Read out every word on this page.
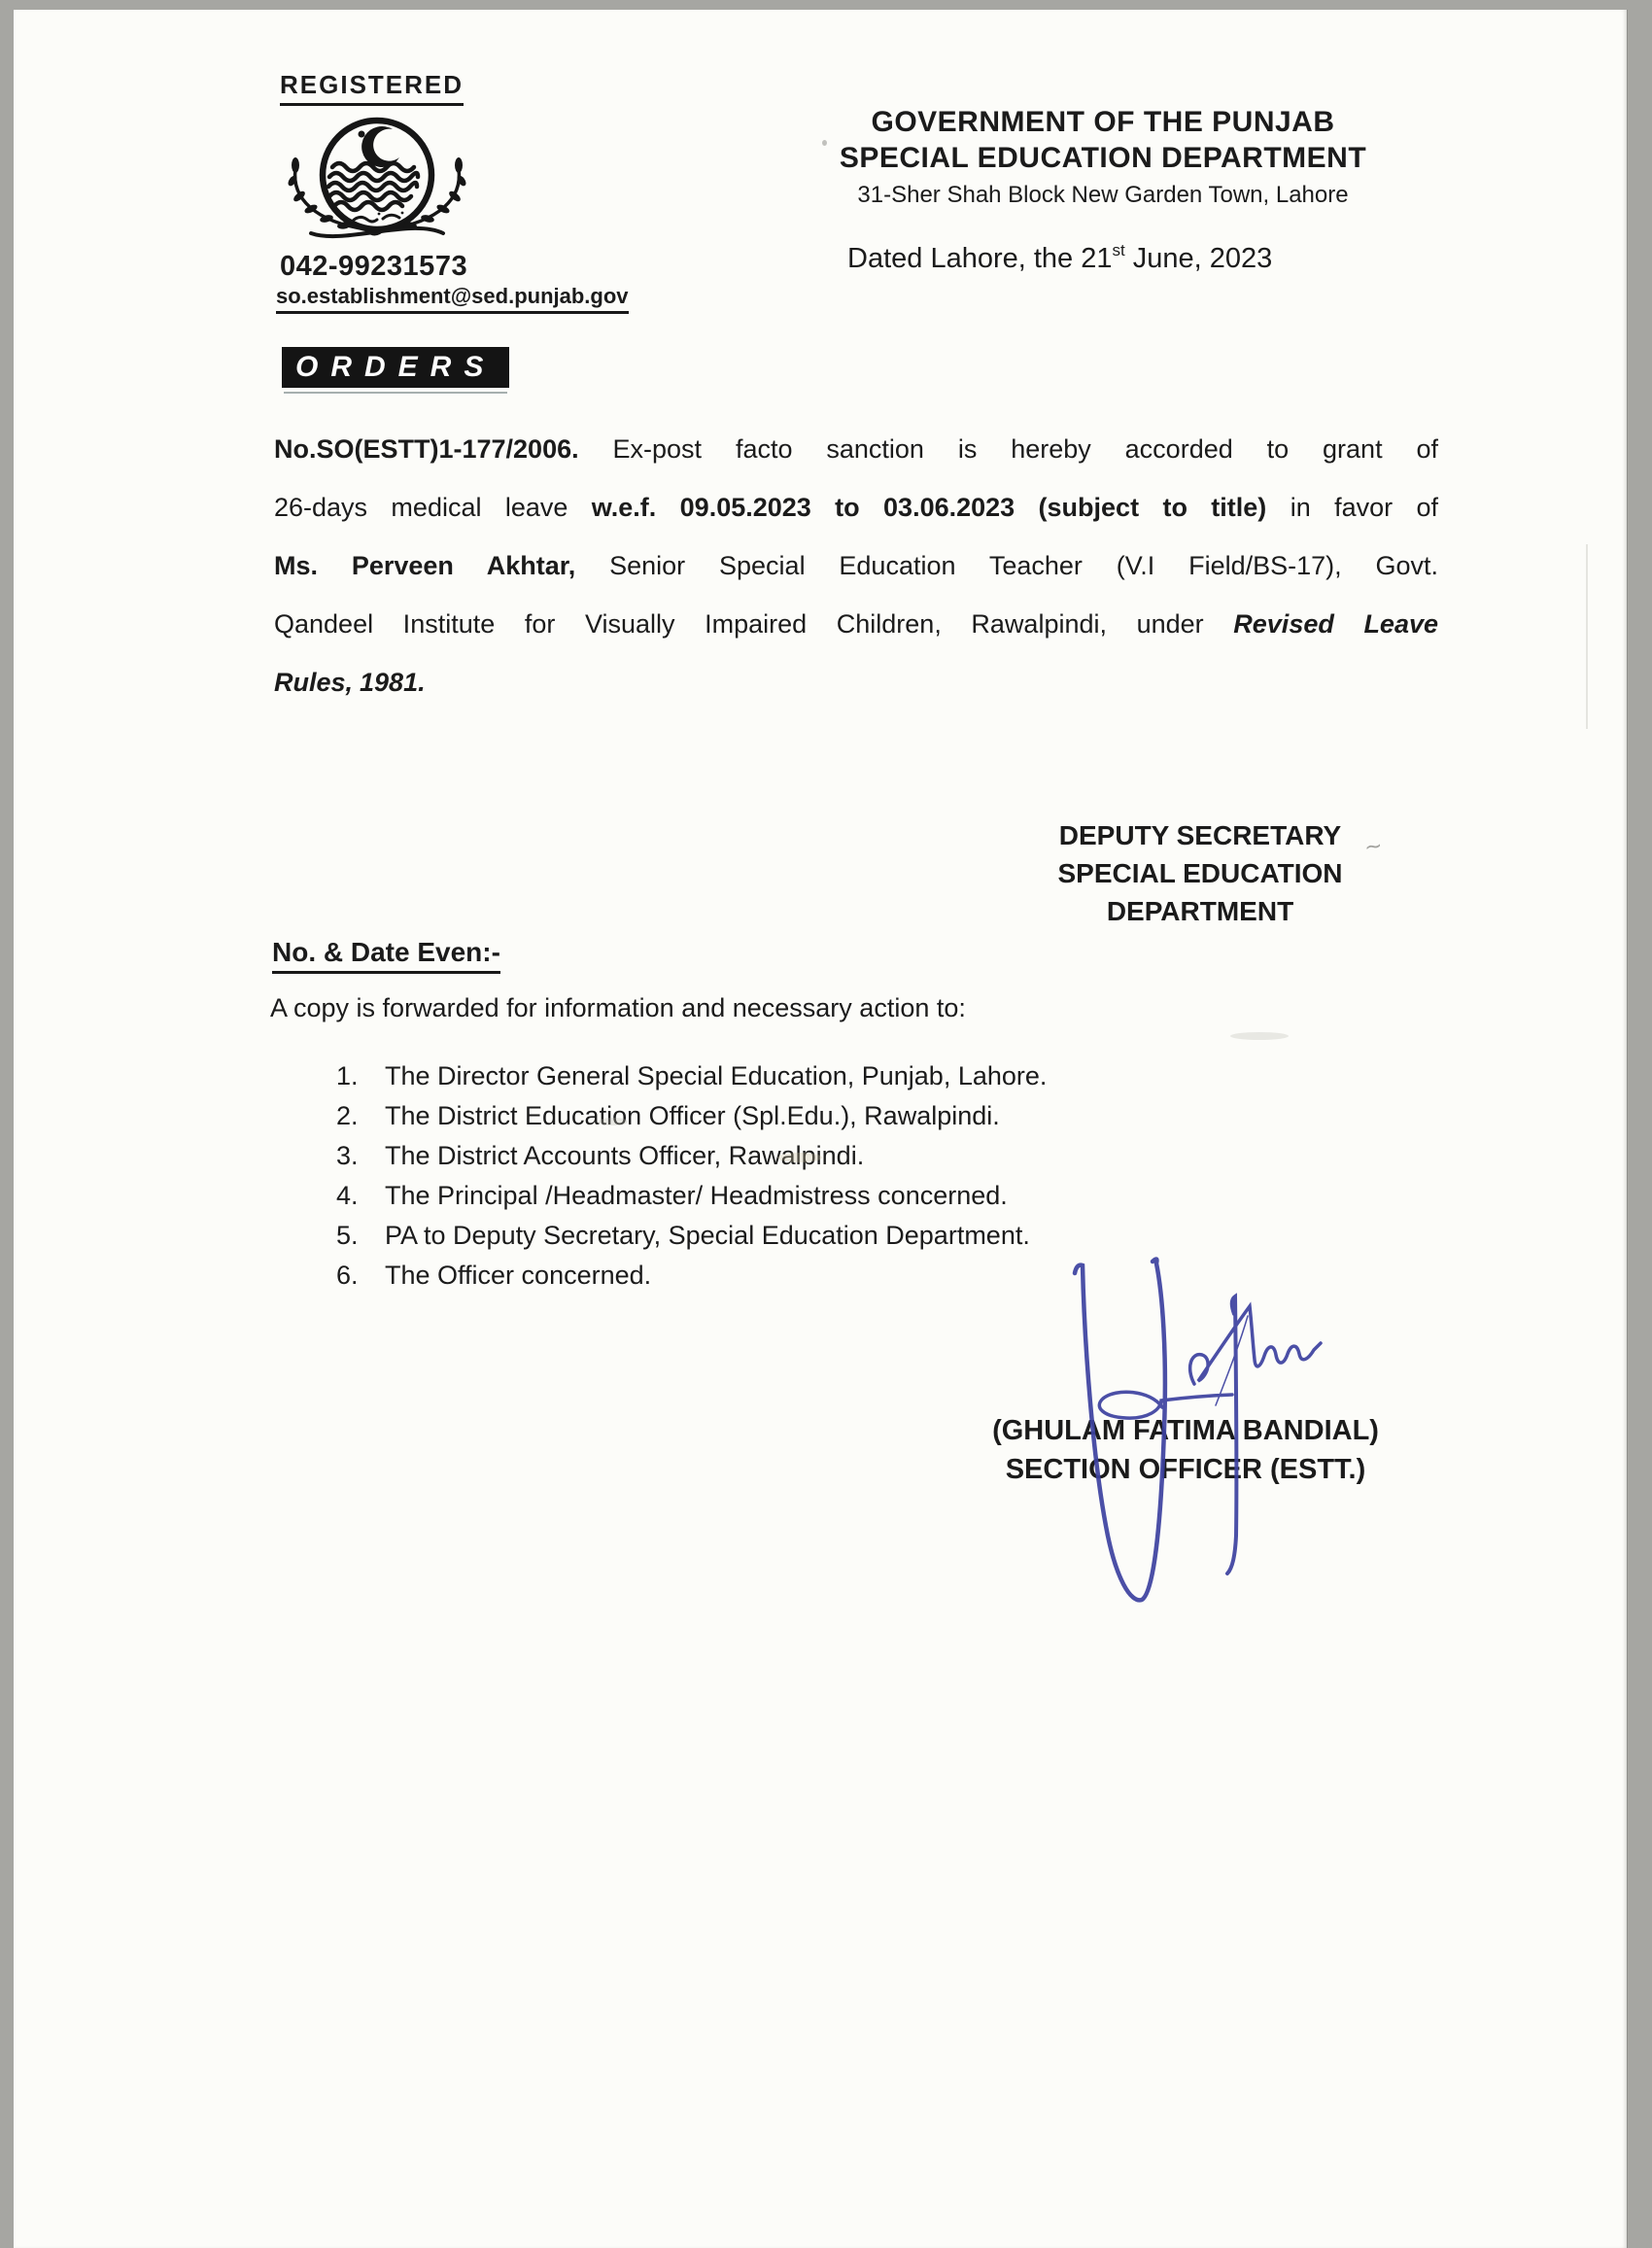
REGISTERED
042-99231573
so.establishment@sed.punjab.gov
GOVERNMENT OF THE PUNJAB
SPECIAL EDUCATION DEPARTMENT
31-Sher Shah Block New Garden Town, Lahore
Dated Lahore, the 21st June, 2023
ORDERS
No.SO(ESTT)1-177/2006. Ex-post facto sanction is hereby accorded to grant of
26-days medical leave w.e.f. 09.05.2023 to 03.06.2023 (subject to title) in favor of
Ms. Perveen Akhtar, Senior Special Education Teacher (V.I Field/BS-17), Govt.
Qandeel Institute for Visually Impaired Children, Rawalpindi, under Revised Leave
Rules, 1981.
DEPUTY SECRETARY
SPECIAL EDUCATION
DEPARTMENT
No. & Date Even:-
A copy is forwarded for information and necessary action to:
1. The Director General Special Education, Punjab, Lahore.
2. The District Education Officer (Spl.Edu.), Rawalpindi.
3. The District Accounts Officer, Rawalpindi.
4. The Principal /Headmaster/ Headmistress concerned.
5. PA to Deputy Secretary, Special Education Department.
6. The Officer concerned.
(GHULAM FATIMA BANDIAL)
SECTION OFFICER (ESTT.)
∼
